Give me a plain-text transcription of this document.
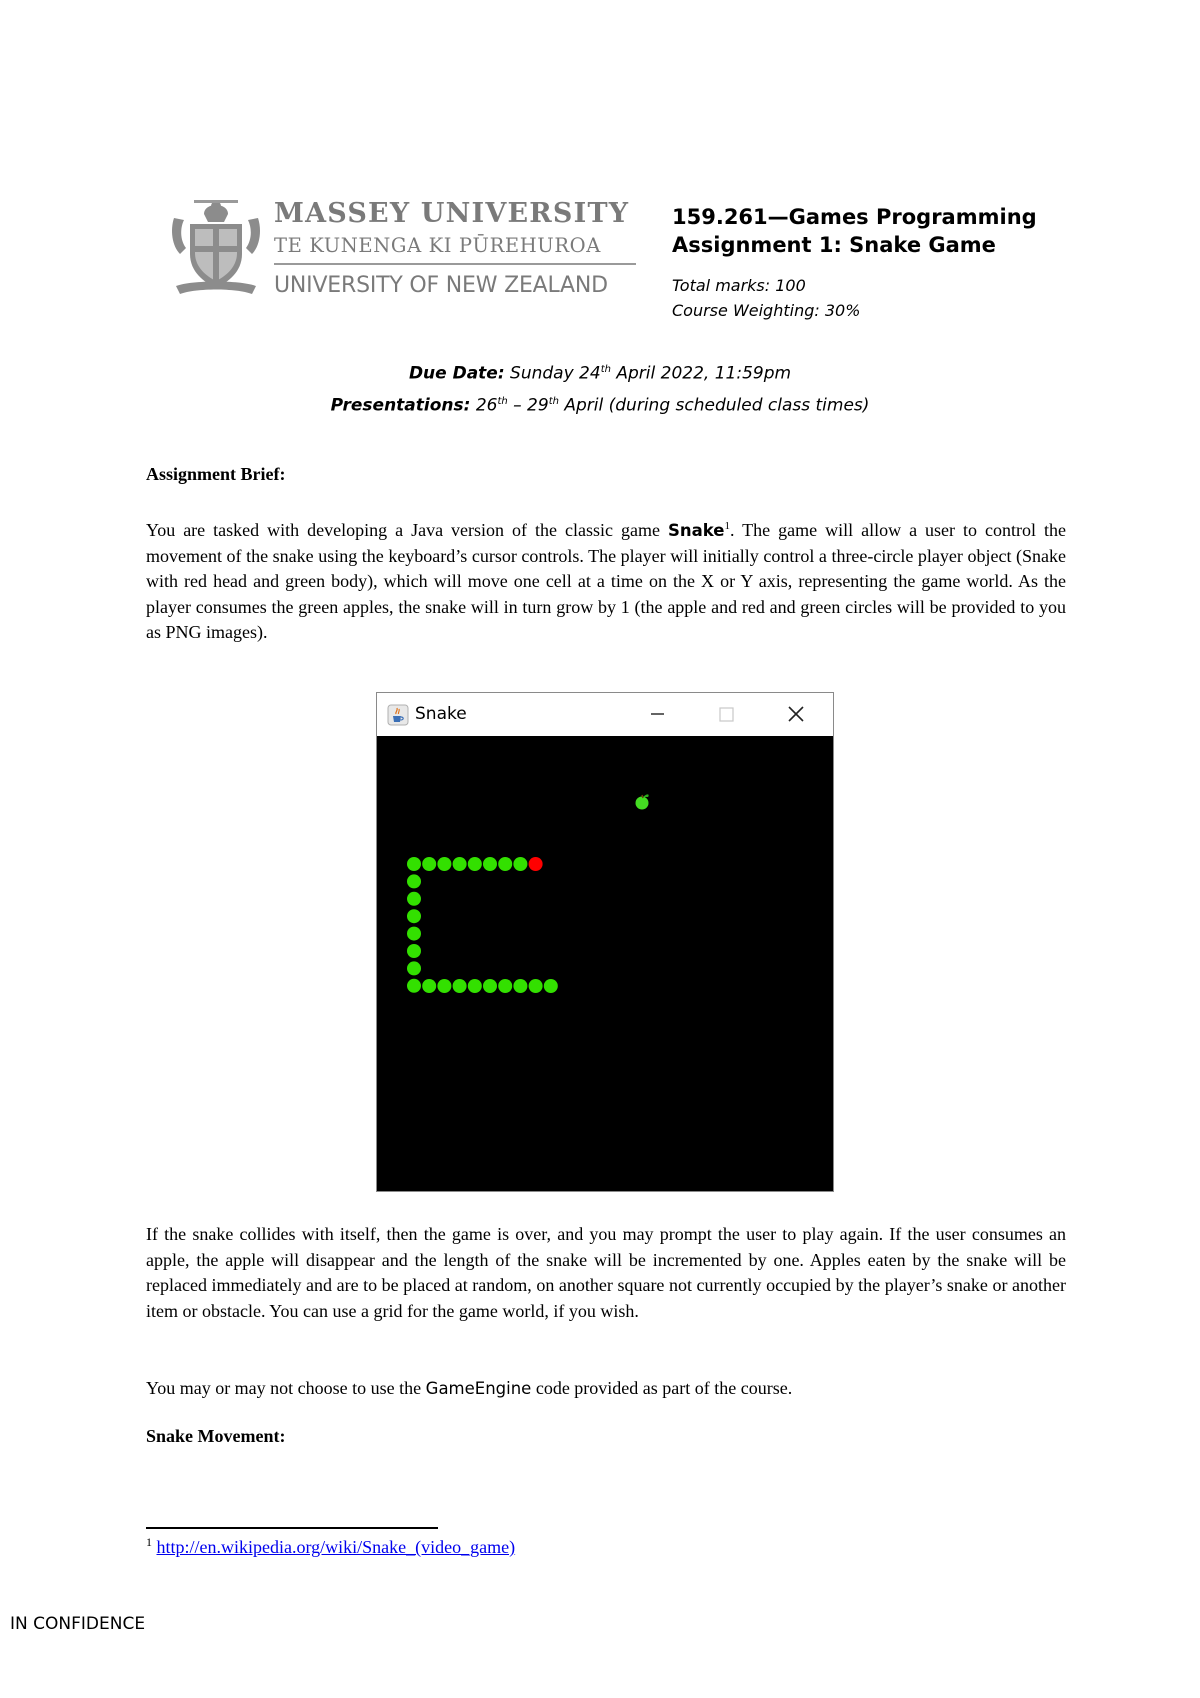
MASSEY UNIVERSITY
TE KUNENGA KI PŪREHUROA
UNIVERSITY OF NEW ZEALAND
159.261—Games Programming
Assignment 1: Snake Game
Total marks: 100
Course Weighting: 30%
Due Date: Sunday 24th April 2022, 11:59pm
Presentations: 26th – 29th April (during scheduled class times)
Assignment Brief:
You are tasked with developing a Java version of the classic game Snake$^1$. The game will allow a user to control the movement of the snake using the keyboard’s cursor controls. The player will initially control a three-circle player object (Snake with red head and green body), which will move one cell at a time on the X or Y axis, representing the game world. As the player consumes the green apples, the snake will in turn grow by 1 (the apple and red and green circles will be provided to you as PNG images).
Snake
If the snake collides with itself, then the game is over, and you may prompt the user to play again. If the user consumes an apple, the apple will disappear and the length of the snake will be incremented by one. Apples eaten by the snake will be replaced immediately and are to be placed at random, on another square not currently occupied by the player’s snake or another item or obstacle. You can use a grid for the game world, if you wish.
You may or may not choose to use the GameEngine code provided as part of the course.
Snake Movement:
$^1$ http://en.wikipedia.org/wiki/Snake_(video_game)
IN CONFIDENCE
